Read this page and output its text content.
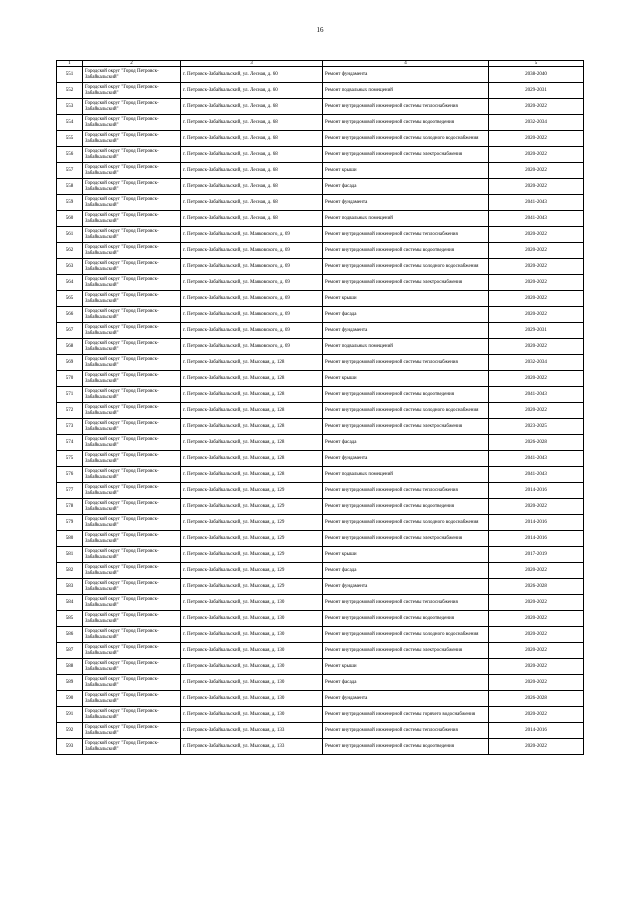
16
1	2	3	4	5
551	Городской округ "Город Петровск-Забайкальский"	г. Петровск-Забайкальский, ул. Лесная, д. 60	Ремонт фундамента	2038-2040
552	Городской округ "Город Петровск-Забайкальский"	г. Петровск-Забайкальский, ул. Лесная, д. 60	Ремонт подвальных помещений	2029-2031
553	Городской округ "Город Петровск-Забайкальский"	г. Петровск-Забайкальский, ул. Лесная, д. 68	Ремонт внутридомовой инженерной системы теплоснабжения	2020-2022
554	Городской округ "Город Петровск-Забайкальский"	г. Петровск-Забайкальский, ул. Лесная, д. 68	Ремонт внутридомовой инженерной системы водоотведения	2032-2034
555	Городской округ "Город Петровск-Забайкальский"	г. Петровск-Забайкальский, ул. Лесная, д. 68	Ремонт внутридомовой инженерной системы холодного водоснабжения	2020-2022
556	Городской округ "Город Петровск-Забайкальский"	г. Петровск-Забайкальский, ул. Лесная, д. 68	Ремонт внутридомовой инженерной системы электроснабжения	2020-2022
557	Городской округ "Город Петровск-Забайкальский"	г. Петровск-Забайкальский, ул. Лесная, д. 68	Ремонт крыши	2020-2022
558	Городской округ "Город Петровск-Забайкальский"	г. Петровск-Забайкальский, ул. Лесная, д. 68	Ремонт фасада	2020-2022
559	Городской округ "Город Петровск-Забайкальский"	г. Петровск-Забайкальский, ул. Лесная, д. 68	Ремонт фундамента	2041-2043
560	Городской округ "Город Петровск-Забайкальский"	г. Петровск-Забайкальский, ул. Лесная, д. 68	Ремонт подвальных помещений	2041-2043
561	Городской округ "Город Петровск-Забайкальский"	г. Петровск-Забайкальский, ул. Маяковского, д. 69	Ремонт внутридомовой инженерной системы теплоснабжения	2020-2022
562	Городской округ "Город Петровск-Забайкальский"	г. Петровск-Забайкальский, ул. Маяковского, д. 69	Ремонт внутридомовой инженерной системы водоотведения	2020-2022
563	Городской округ "Город Петровск-Забайкальский"	г. Петровск-Забайкальский, ул. Маяковского, д. 69	Ремонт внутридомовой инженерной системы холодного водоснабжения	2020-2022
564	Городской округ "Город Петровск-Забайкальский"	г. Петровск-Забайкальский, ул. Маяковского, д. 69	Ремонт внутридомовой инженерной системы электроснабжения	2020-2022
565	Городской округ "Город Петровск-Забайкальский"	г. Петровск-Забайкальский, ул. Маяковского, д. 69	Ремонт крыши	2020-2022
566	Городской округ "Город Петровск-Забайкальский"	г. Петровск-Забайкальский, ул. Маяковского, д. 69	Ремонт фасада	2020-2022
567	Городской округ "Город Петровск-Забайкальский"	г. Петровск-Забайкальский, ул. Маяковского, д. 69	Ремонт фундамента	2029-2031
568	Городской округ "Город Петровск-Забайкальский"	г. Петровск-Забайкальский, ул. Маяковского, д. 69	Ремонт подвальных помещений	2020-2022
569	Городской округ "Город Петровск-Забайкальский"	г. Петровск-Забайкальский, ул. Мысовая, д. 128	Ремонт внутридомовой инженерной системы теплоснабжения	2032-2034
570	Городской округ "Город Петровск-Забайкальский"	г. Петровск-Забайкальский, ул. Мысовая, д. 128	Ремонт крыши	2020-2022
571	Городской округ "Город Петровск-Забайкальский"	г. Петровск-Забайкальский, ул. Мысовая, д. 128	Ремонт внутридомовой инженерной системы водоотведения	2041-2043
572	Городской округ "Город Петровск-Забайкальский"	г. Петровск-Забайкальский, ул. Мысовая, д. 128	Ремонт внутридомовой инженерной системы холодного водоснабжения	2020-2022
573	Городской округ "Город Петровск-Забайкальский"	г. Петровск-Забайкальский, ул. Мысовая, д. 128	Ремонт внутридомовой инженерной системы электроснабжения	2023-2025
574	Городской округ "Город Петровск-Забайкальский"	г. Петровск-Забайкальский, ул. Мысовая, д. 128	Ремонт фасада	2026-2028
575	Городской округ "Город Петровск-Забайкальский"	г. Петровск-Забайкальский, ул. Мысовая, д. 128	Ремонт фундамента	2041-2043
576	Городской округ "Город Петровск-Забайкальский"	г. Петровск-Забайкальский, ул. Мысовая, д. 128	Ремонт подвальных помещений	2041-2043
577	Городской округ "Город Петровск-Забайкальский"	г. Петровск-Забайкальский, ул. Мысовая, д. 129	Ремонт внутридомовой инженерной системы теплоснабжения	2014-2016
578	Городской округ "Город Петровск-Забайкальский"	г. Петровск-Забайкальский, ул. Мысовая, д. 129	Ремонт внутридомовой инженерной системы водоотведения	2020-2022
579	Городской округ "Город Петровск-Забайкальский"	г. Петровск-Забайкальский, ул. Мысовая, д. 129	Ремонт внутридомовой инженерной системы холодного водоснабжения	2014-2016
580	Городской округ "Город Петровск-Забайкальский"	г. Петровск-Забайкальский, ул. Мысовая, д. 129	Ремонт внутридомовой инженерной системы электроснабжения	2014-2016
581	Городской округ "Город Петровск-Забайкальский"	г. Петровск-Забайкальский, ул. Мысовая, д. 129	Ремонт крыши	2017-2019
582	Городской округ "Город Петровск-Забайкальский"	г. Петровск-Забайкальский, ул. Мысовая, д. 129	Ремонт фасада	2020-2022
583	Городской округ "Город Петровск-Забайкальский"	г. Петровск-Забайкальский, ул. Мысовая, д. 129	Ремонт фундамента	2026-2028
584	Городской округ "Город Петровск-Забайкальский"	г. Петровск-Забайкальский, ул. Мысовая, д. 130	Ремонт внутридомовой инженерной системы теплоснабжения	2020-2022
585	Городской округ "Город Петровск-Забайкальский"	г. Петровск-Забайкальский, ул. Мысовая, д. 130	Ремонт внутридомовой инженерной системы водоотведения	2020-2022
586	Городской округ "Город Петровск-Забайкальский"	г. Петровск-Забайкальский, ул. Мысовая, д. 130	Ремонт внутридомовой инженерной системы холодного водоснабжения	2020-2022
587	Городской округ "Город Петровск-Забайкальский"	г. Петровск-Забайкальский, ул. Мысовая, д. 130	Ремонт внутридомовой инженерной системы электроснабжения	2020-2022
588	Городской округ "Город Петровск-Забайкальский"	г. Петровск-Забайкальский, ул. Мысовая, д. 130	Ремонт крыши	2020-2022
589	Городской округ "Город Петровск-Забайкальский"	г. Петровск-Забайкальский, ул. Мысовая, д. 130	Ремонт фасада	2020-2022
590	Городской округ "Город Петровск-Забайкальский"	г. Петровск-Забайкальский, ул. Мысовая, д. 130	Ремонт фундамента	2026-2028
591	Городской округ "Город Петровск-Забайкальский"	г. Петровск-Забайкальский, ул. Мысовая, д. 130	Ремонт внутридомовой инженерной системы горячего водоснабжения	2020-2022
592	Городской округ "Город Петровск-Забайкальский"	г. Петровск-Забайкальский, ул. Мысовая, д. 133	Ремонт внутридомовой инженерной системы теплоснабжения	2014-2016
593	Городской округ "Город Петровск-Забайкальский"	г. Петровск-Забайкальский, ул. Мысовая, д. 133	Ремонт внутридомовой инженерной системы водоотведения	2020-2022
